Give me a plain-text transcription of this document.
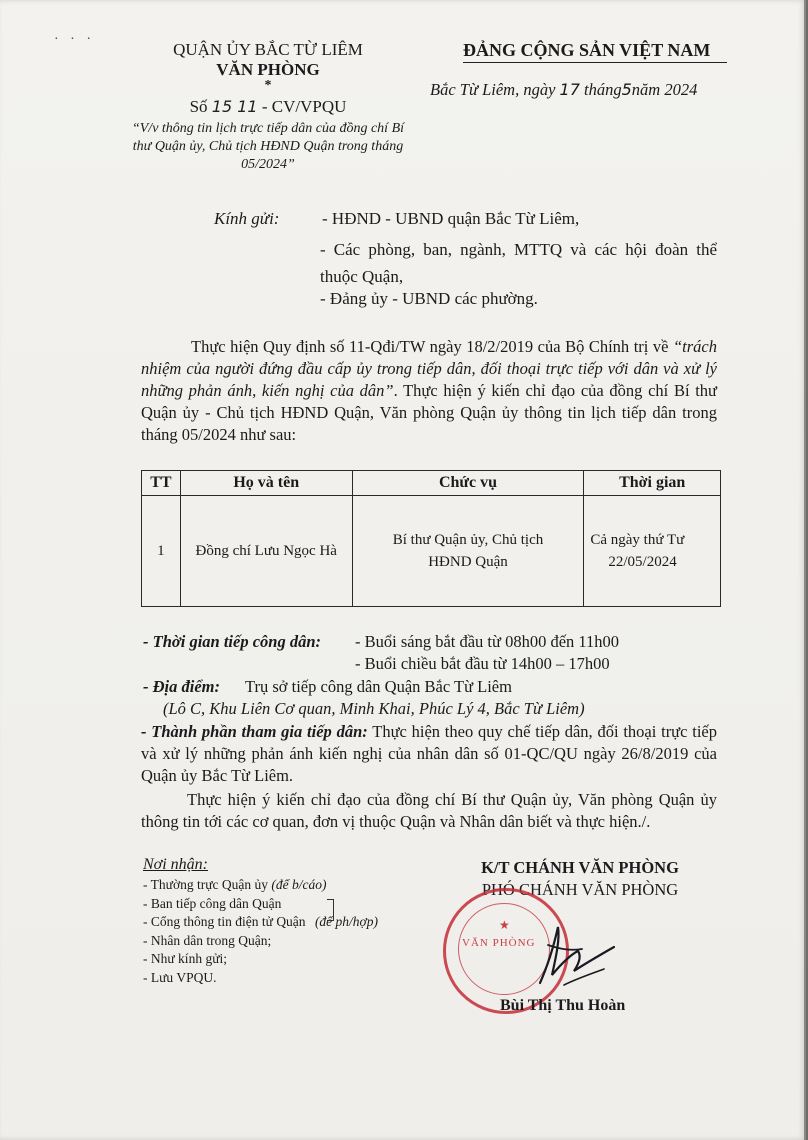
· · ·
QUẬN ỦY BẮC TỪ LIÊM
VĂN PHÒNG
*
Số 15 11 - CV/VPQU
“V/v thông tin lịch trực tiếp dân của đồng chí Bí thư Quận ủy, Chủ tịch HĐND Quận trong tháng 05/2024”
ĐẢNG CỘNG SẢN VIỆT NAM
Bắc Từ Liêm, ngày 17 tháng5năm 2024
Kính gửi:	- HĐND - UBND quận Bắc Từ Liêm,
- Các phòng, ban, ngành, MTTQ và các hội đoàn thể thuộc Quận,
- Đảng ủy - UBND các phường.
Thực hiện Quy định số 11-Qđi/TW ngày 18/2/2019 của Bộ Chính trị về “trách nhiệm của người đứng đầu cấp ủy trong tiếp dân, đối thoại trực tiếp với dân và xử lý những phản ánh, kiến nghị của dân”. Thực hiện ý kiến chỉ đạo của đồng chí Bí thư Quận ủy - Chủ tịch HĐND Quận, Văn phòng Quận ủy thông tin lịch tiếp dân trong tháng 05/2024 như sau:
TT	Họ và tên	Chức vụ	Thời gian
1	Đồng chí Lưu Ngọc Hà	Bí thư Quận ủy, Chủ tịch HĐND Quận	Cả ngày thứ Tư
22/05/2024
- Thời gian tiếp công dân: - Buổi sáng bắt đầu từ 08h00 đến 11h00
- Buổi chiều bắt đầu từ 14h00 – 17h00
- Địa điểm: Trụ sở tiếp công dân Quận Bắc Từ Liêm
(Lô C, Khu Liên Cơ quan, Minh Khai, Phúc Lý 4, Bắc Từ Liêm)
- Thành phần tham gia tiếp dân: Thực hiện theo quy chế tiếp dân, đối thoại trực tiếp và xử lý những phản ánh kiến nghị của nhân dân số 01-QC/QU ngày 26/8/2019 của Quận ủy Bắc Từ Liêm.
Thực hiện ý kiến chỉ đạo của đồng chí Bí thư Quận ủy, Văn phòng Quận ủy thông tin tới các cơ quan, đơn vị thuộc Quận và Nhân dân biết và thực hiện./.
Nơi nhận:
- Thường trực Quận ủy (để b/cáo)
- Ban tiếp công dân Quận
- Cổng thông tin điện tử Quận (để ph/hợp)
- Nhân dân trong Quận;
- Như kính gửi;
- Lưu VPQU.
K/T CHÁNH VĂN PHÒNG
PHÓ CHÁNH VĂN PHÒNG
★
VĂN PHÒNG
Bùi Thị Thu Hoàn
